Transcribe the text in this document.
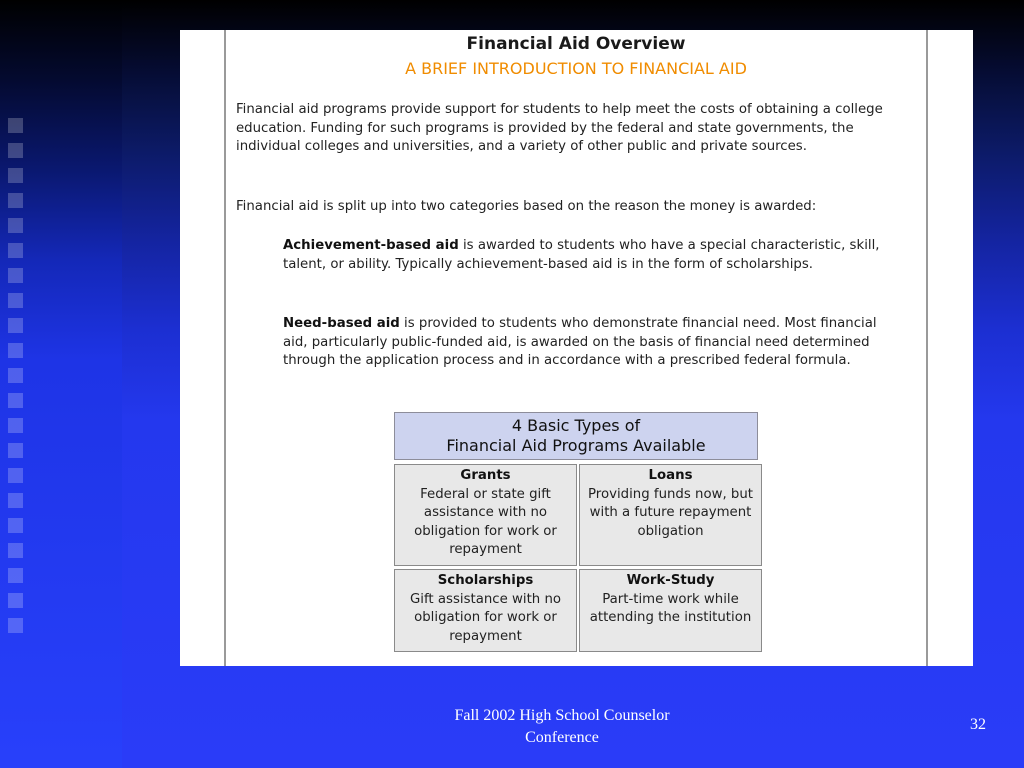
Financial Aid Overview
A BRIEF INTRODUCTION TO FINANCIAL AID

Financial aid programs provide support for students to help meet the costs of obtaining a college education. Funding for such programs is provided by the federal and state governments, the individual colleges and universities, and a variety of other public and private sources.

Financial aid is split up into two categories based on the reason the money is awarded:

Achievement-based aid is awarded to students who have a special characteristic, skill, talent, or ability. Typically achievement-based aid is in the form of scholarships.

Need-based aid is provided to students who demonstrate financial need. Most financial aid, particularly public-funded aid, is awarded on the basis of financial need determined through the application process and in accordance with a prescribed federal formula.

4 Basic Types of
Financial Aid Programs Available
Grants
Federal or state gift assistance with no obligation for work or repayment
Loans
Providing funds now, but with a future repayment obligation
Scholarships
Gift assistance with no obligation for work or repayment
Work-Study
Part-time work while attending the institution
Fall 2002 High School Counselor
Conference
32
